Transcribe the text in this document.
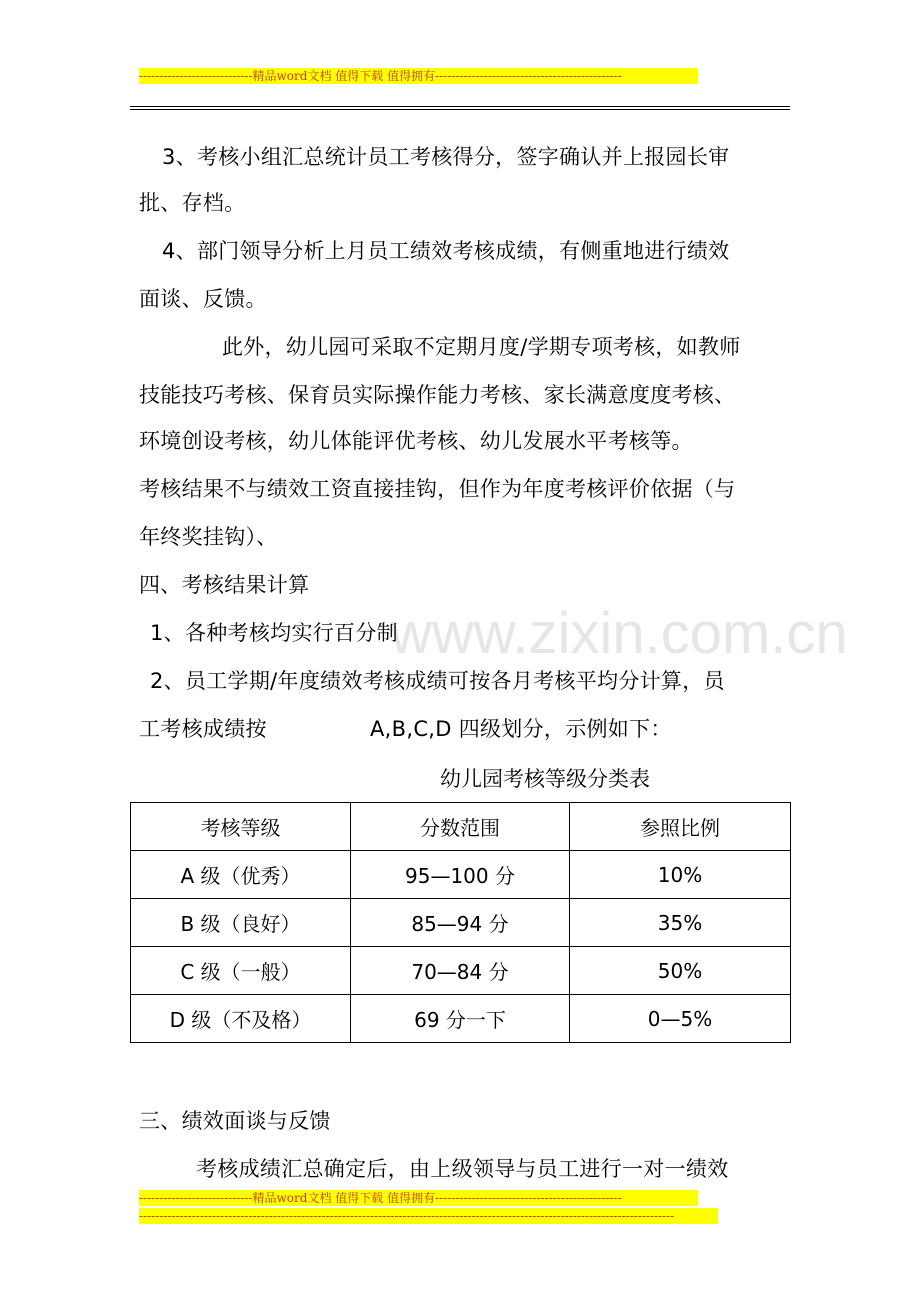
----------------------------精品word文档 值得下载 值得拥有----------------------------------------------
www.zixin.com.cn
3、考核小组汇总统计员工考核得分，签字确认并上报园长审
批、存档。
4、部门领导分析上月员工绩效考核成绩，有侧重地进行绩效
面谈、反馈。
此外，幼儿园可采取不定期月度/学期专项考核，如教师
技能技巧考核、保育员实际操作能力考核、家长满意度度考核、
环境创设考核，幼儿体能评优考核、幼儿发展水平考核等。
考核结果不与绩效工资直接挂钩，但作为年度考核评价依据（与
年终奖挂钩）、
四、考核结果计算
1、各种考核均实行百分制
2、员工学期/年度绩效考核成绩可按各月考核平均分计算，员
工考核成绩按	A,B,C,D 四级划分，示例如下：
幼儿园考核等级分类表
考核等级	分数范围	参照比例
A 级（优秀）	95—100 分	10%
B 级（良好）	85—94 分	35%
C 级（一般）	70—84 分	50%
D 级（不及格）	69 分一下	0—5%
三、绩效面谈与反馈
考核成绩汇总确定后，由上级领导与员工进行一对一绩效
----------------------------精品word文档 值得下载 值得拥有----------------------------------------------
------------------------------------------------------------------------------------------------------------------------------------
